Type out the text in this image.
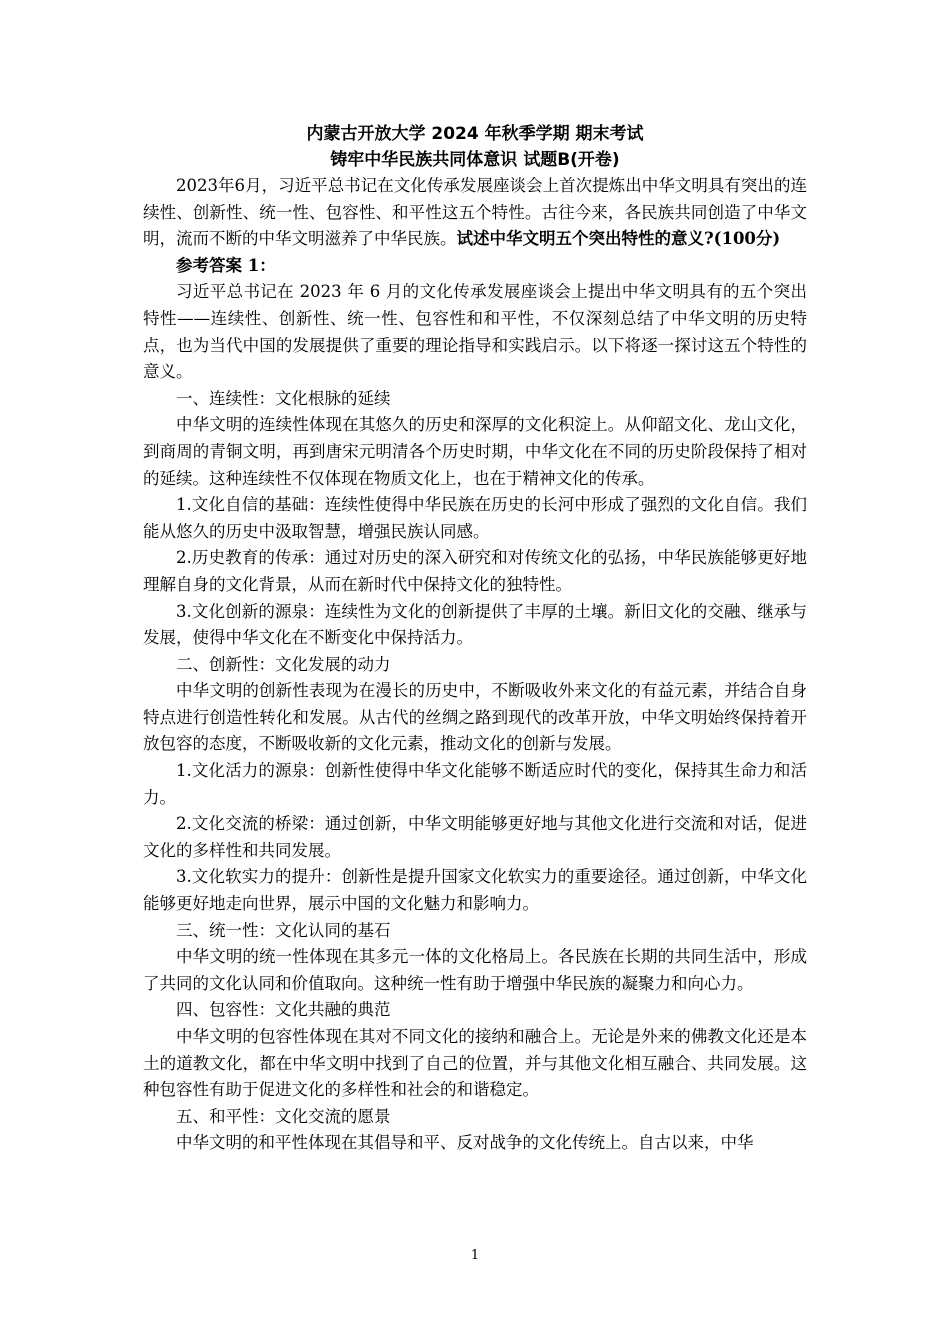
内蒙古开放大学 2024 年秋季学期 期末考试
铸牢中华民族共同体意识 试题B(开卷)

2023年6月，习近平总书记在文化传承发展座谈会上首次提炼出中华文明具有突出的连续性、创新性、统一性、包容性、和平性这五个特性。古往今来，各民族共同创造了中华文明，流而不断的中华文明滋养了中华民族。试述中华文明五个突出特性的意义?(100分)

参考答案 1：

习近平总书记在 2023 年 6 月的文化传承发展座谈会上提出中华文明具有的五个突出特性——连续性、创新性、统一性、包容性和和平性，不仅深刻总结了中华文明的历史特点，也为当代中国的发展提供了重要的理论指导和实践启示。以下将逐一探讨这五个特性的意义。

一、连续性：文化根脉的延续

中华文明的连续性体现在其悠久的历史和深厚的文化积淀上。从仰韶文化、龙山文化，到商周的青铜文明，再到唐宋元明清各个历史时期，中华文化在不同的历史阶段保持了相对的延续。这种连续性不仅体现在物质文化上，也在于精神文化的传承。

1.文化自信的基础：连续性使得中华民族在历史的长河中形成了强烈的文化自信。我们能从悠久的历史中汲取智慧，增强民族认同感。

2.历史教育的传承：通过对历史的深入研究和对传统文化的弘扬，中华民族能够更好地理解自身的文化背景，从而在新时代中保持文化的独特性。

3.文化创新的源泉：连续性为文化的创新提供了丰厚的土壤。新旧文化的交融、继承与发展，使得中华文化在不断变化中保持活力。

二、创新性：文化发展的动力

中华文明的创新性表现为在漫长的历史中，不断吸收外来文化的有益元素，并结合自身特点进行创造性转化和发展。从古代的丝绸之路到现代的改革开放，中华文明始终保持着开放包容的态度，不断吸收新的文化元素，推动文化的创新与发展。

1.文化活力的源泉：创新性使得中华文化能够不断适应时代的变化，保持其生命力和活力。

2.文化交流的桥梁：通过创新，中华文明能够更好地与其他文化进行交流和对话，促进文化的多样性和共同发展。

3.文化软实力的提升：创新性是提升国家文化软实力的重要途径。通过创新，中华文化能够更好地走向世界，展示中国的文化魅力和影响力。

三、统一性：文化认同的基石

中华文明的统一性体现在其多元一体的文化格局上。各民族在长期的共同生活中，形成了共同的文化认同和价值取向。这种统一性有助于增强中华民族的凝聚力和向心力。

四、包容性：文化共融的典范

中华文明的包容性体现在其对不同文化的接纳和融合上。无论是外来的佛教文化还是本土的道教文化，都在中华文明中找到了自己的位置，并与其他文化相互融合、共同发展。这种包容性有助于促进文化的多样性和社会的和谐稳定。

五、和平性：文化交流的愿景

中华文明的和平性体现在其倡导和平、反对战争的文化传统上。自古以来，中华

1
